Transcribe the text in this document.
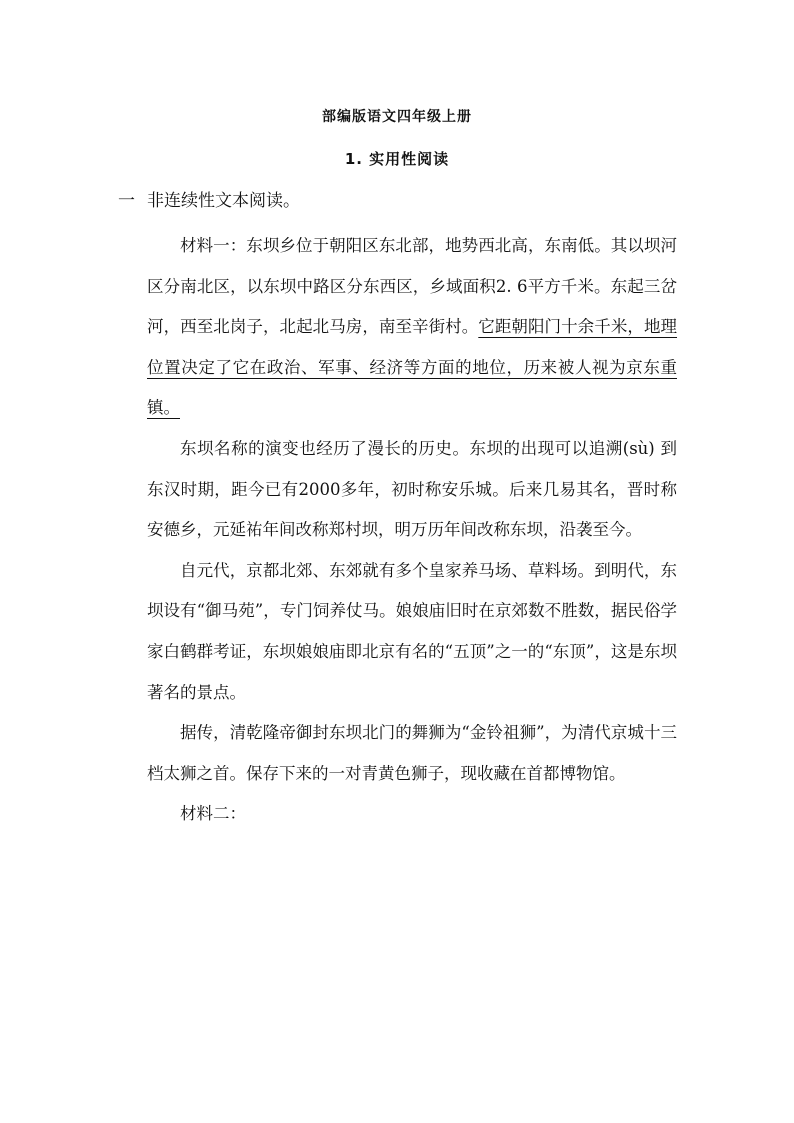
部编版语文四年级上册
1. 实用性阅读
一 非连续性文本阅读。

材料一：东坝乡位于朝阳区东北部，地势西北高，东南低。其以坝河区分南北区，以东坝中路区分东西区，乡域面积2. 6平方千米。东起三岔河，西至北岗子，北起北马房，南至辛街村。它距朝阳门十余千米，地理位置决定了它在政治、军事、经济等方面的地位，历来被人视为京东重镇。

东坝名称的演变也经历了漫长的历史。东坝的出现可以追溯(sù) 到东汉时期，距今已有2000多年，初时称安乐城。后来几易其名，晋时称安德乡，元延祐年间改称郑村坝，明万历年间改称东坝，沿袭至今。

自元代，京都北郊、东郊就有多个皇家养马场、草料场。到明代，东坝设有“御马苑”，专门饲养仗马。娘娘庙旧时在京郊数不胜数，据民俗学家白鹤群考证，东坝娘娘庙即北京有名的“五顶”之一的“东顶”，这是东坝著名的景点。

据传，清乾隆帝御封东坝北门的舞狮为“金铃祖狮”，为清代京城十三档太狮之首。保存下来的一对青黄色狮子，现收藏在首都博物馆。

材料二：
